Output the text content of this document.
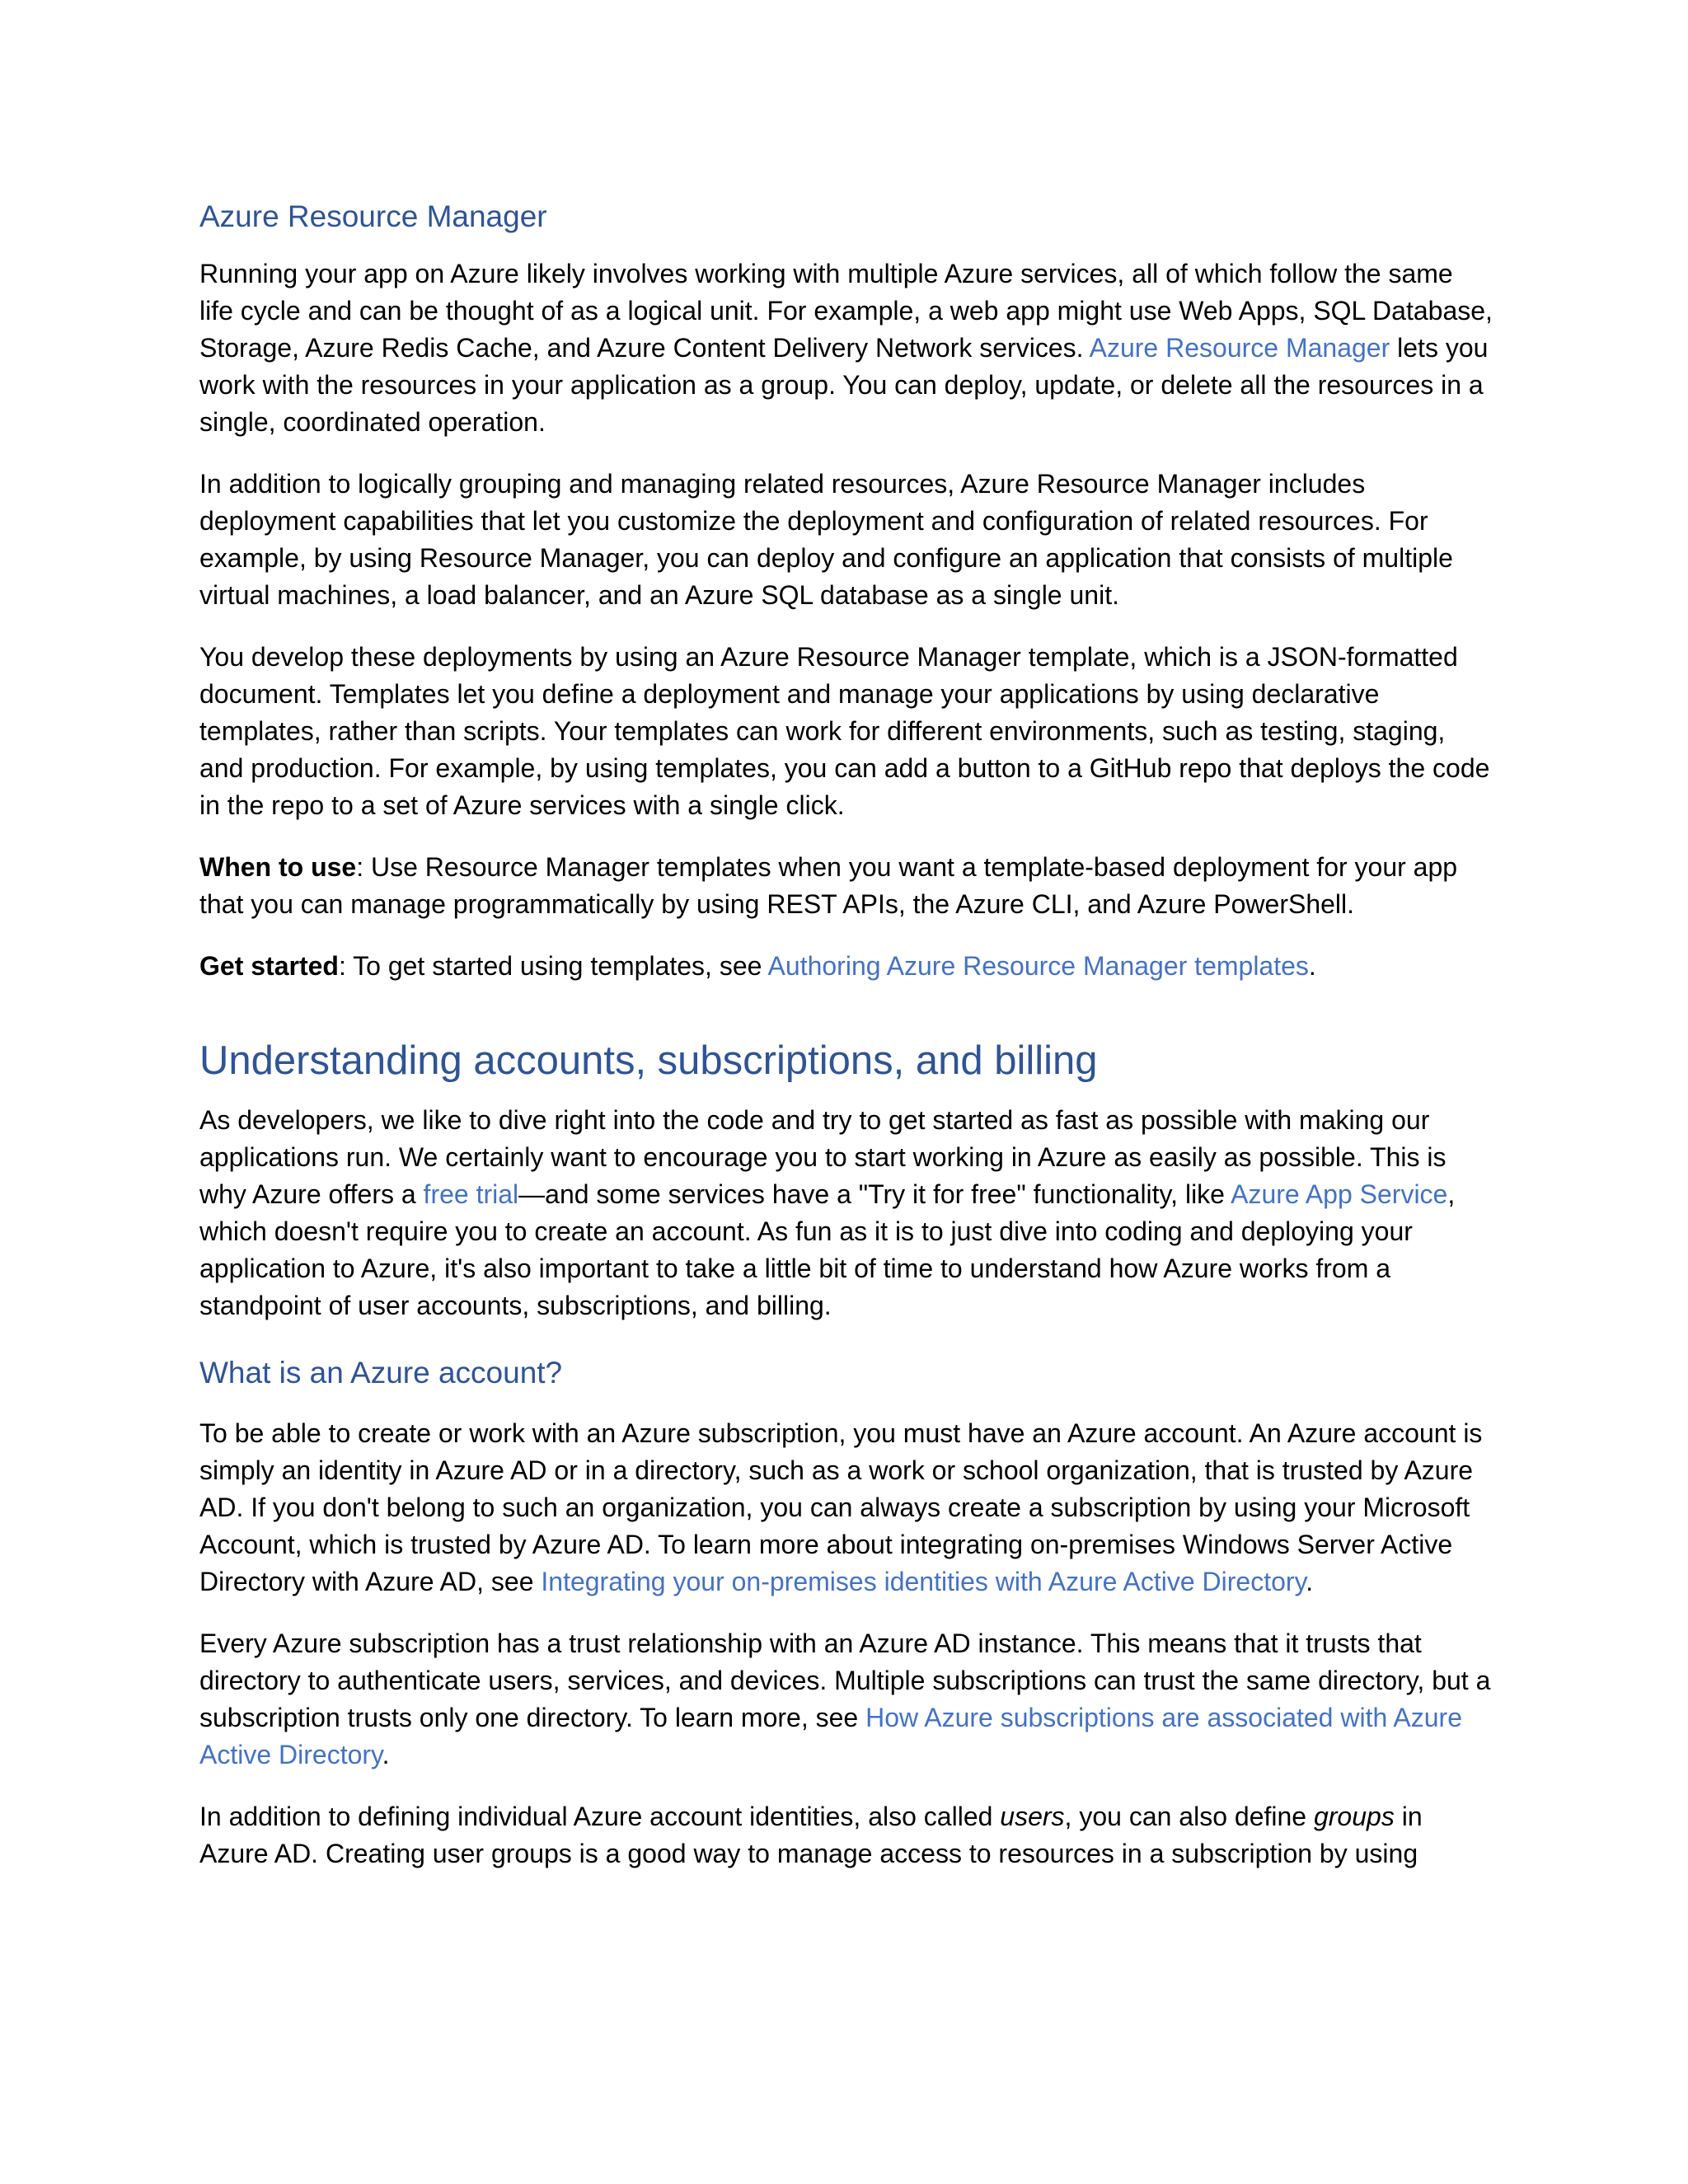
Azure Resource Manager

Running your app on Azure likely involves working with multiple Azure services, all of which follow the same life cycle and can be thought of as a logical unit. For example, a web app might use Web Apps, SQL Database, Storage, Azure Redis Cache, and Azure Content Delivery Network services. Azure Resource Manager lets you work with the resources in your application as a group. You can deploy, update, or delete all the resources in a single, coordinated operation.

In addition to logically grouping and managing related resources, Azure Resource Manager includes deployment capabilities that let you customize the deployment and configuration of related resources. For example, by using Resource Manager, you can deploy and configure an application that consists of multiple virtual machines, a load balancer, and an Azure SQL database as a single unit.

You develop these deployments by using an Azure Resource Manager template, which is a JSON-formatted document. Templates let you define a deployment and manage your applications by using declarative templates, rather than scripts. Your templates can work for different environments, such as testing, staging, and production. For example, by using templates, you can add a button to a GitHub repo that deploys the code in the repo to a set of Azure services with a single click.

When to use: Use Resource Manager templates when you want a template-based deployment for your app that you can manage programmatically by using REST APIs, the Azure CLI, and Azure PowerShell.

Get started: To get started using templates, see Authoring Azure Resource Manager templates.

Understanding accounts, subscriptions, and billing

As developers, we like to dive right into the code and try to get started as fast as possible with making our applications run. We certainly want to encourage you to start working in Azure as easily as possible. This is why Azure offers a free trial—and some services have a "Try it for free" functionality, like Azure App Service, which doesn't require you to create an account. As fun as it is to just dive into coding and deploying your application to Azure, it's also important to take a little bit of time to understand how Azure works from a standpoint of user accounts, subscriptions, and billing.

What is an Azure account?

To be able to create or work with an Azure subscription, you must have an Azure account. An Azure account is simply an identity in Azure AD or in a directory, such as a work or school organization, that is trusted by Azure AD. If you don't belong to such an organization, you can always create a subscription by using your Microsoft Account, which is trusted by Azure AD. To learn more about integrating on-premises Windows Server Active Directory with Azure AD, see Integrating your on-premises identities with Azure Active Directory.

Every Azure subscription has a trust relationship with an Azure AD instance. This means that it trusts that directory to authenticate users, services, and devices. Multiple subscriptions can trust the same directory, but a subscription trusts only one directory. To learn more, see How Azure subscriptions are associated with Azure Active Directory.

In addition to defining individual Azure account identities, also called users, you can also define groups in Azure AD. Creating user groups is a good way to manage access to resources in a subscription by using
